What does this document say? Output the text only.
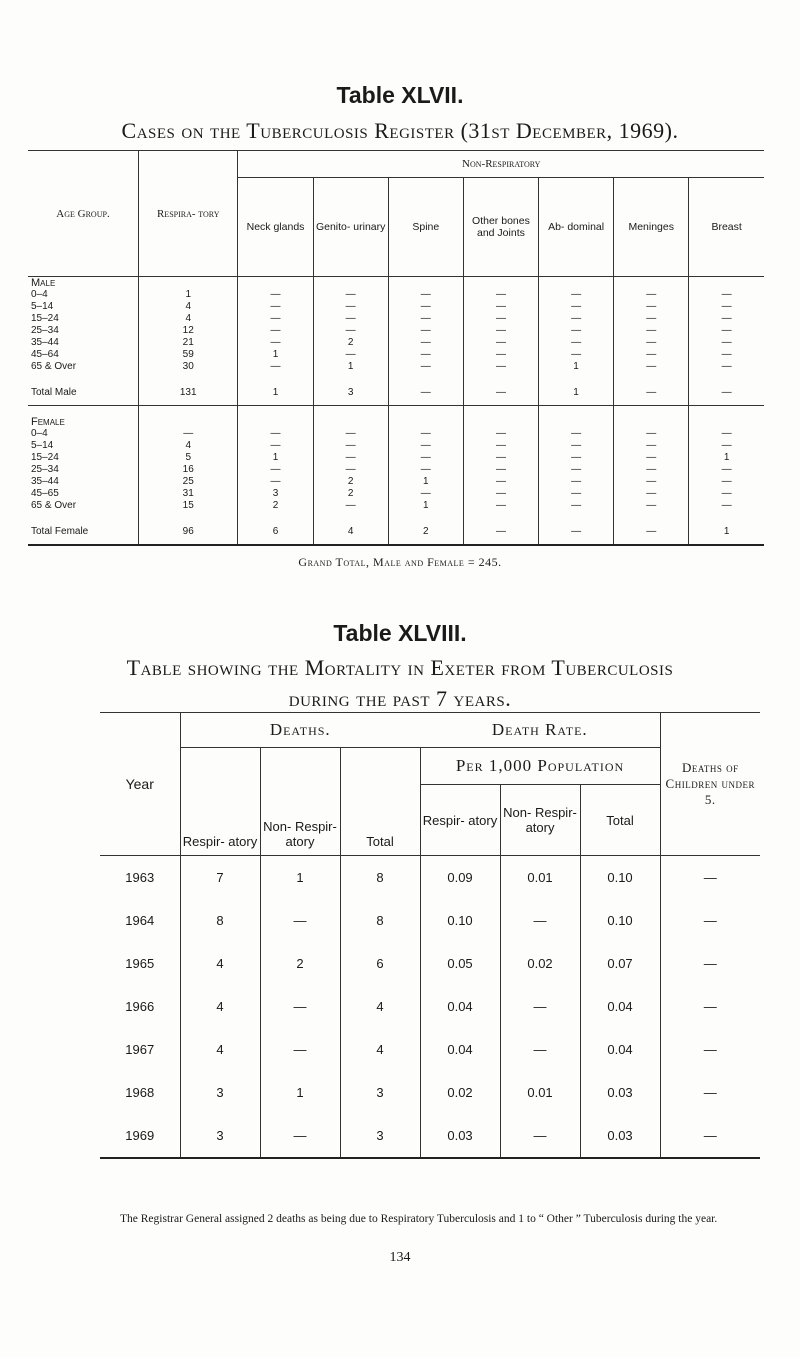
Table XLVII.
Cases on the Tuberculosis Register (31st December, 1969).
Age Group.	Respira- tory	Non-Respiratory						
		Neck glands	Genito- urinary	Spine	Other bones and Joints	Ab- dominal	Meninges	Breast
Male								
0–4	1	—	—	—	—	—	—	—
5–14	4	—	—	—	—	—	—	—
15–24	4	—	—	—	—	—	—	—
25–34	12	—	—	—	—	—	—	—
35–44	21	—	2	—	—	—	—	—
45–64	59	1	—	—	—	—	—	—
65 & Over	30	—	1	—	—	1	—	—

Total Male	131	1	3	—	—	1	—	—
Female								
0–4	—	—	—	—	—	—	—	—
5–14	4	—	—	—	—	—	—	—
15–24	5	1	—	—	—	—	—	1
25–34	16	—	—	—	—	—	—	—
35–44	25	—	2	1	—	—	—	—
45–65	31	3	2	—	—	—	—	—
65 & Over	15	2	—	1	—	—	—	—

Total Female	96	6	4	2	—	—	—	1
Grand Total, Male and Female = 245.
Table XLVIII.
Table showing the Mortality in Exeter from Tuberculosis
during the past 7 years.
Year	Deaths.			Death Rate.			Deaths of Children under 5.
	Respir- atory	Non- Respir- atory	Total	Per 1,000 Population			
				Respir- atory	Non- Respir- atory	Total	
1963	7	1	8	0.09	0.01	0.10	—
1964	8	—	8	0.10	—	0.10	—
1965	4	2	6	0.05	0.02	0.07	—
1966	4	—	4	0.04	—	0.04	—
1967	4	—	4	0.04	—	0.04	—
1968	3	1	3	0.02	0.01	0.03	—
1969	3	—	3	0.03	—	0.03	—
The Registrar General assigned 2 deaths as being due to Respiratory Tuberculosis and 1 to “ Other ” Tuberculosis during the year.
134
